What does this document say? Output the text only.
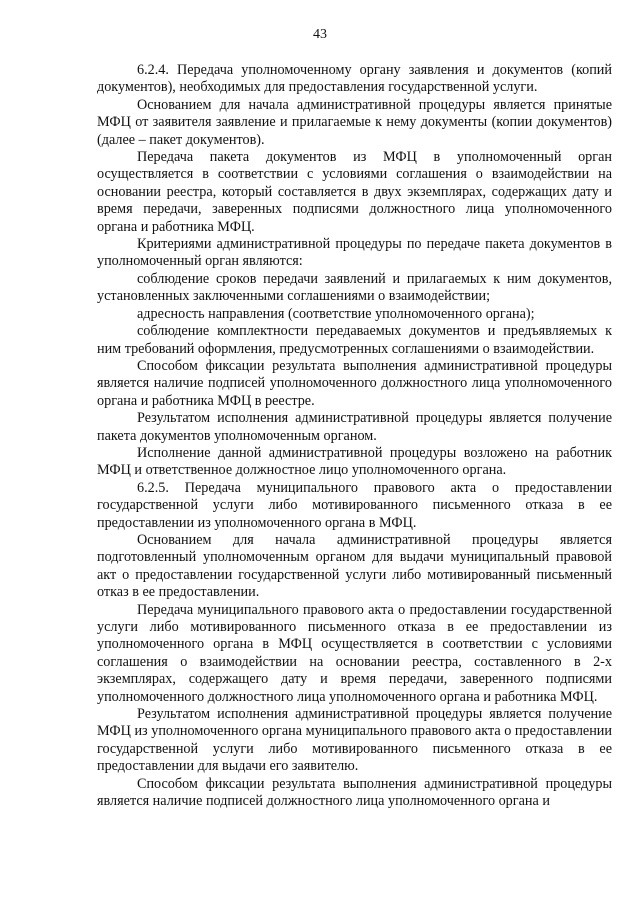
43

6.2.4. Передача уполномоченному органу заявления и документов (копий документов), необходимых для предоставления государственной услуги.

Основанием для начала административной процедуры является принятые МФЦ от заявителя заявление и прилагаемые к нему документы (копии документов) (далее – пакет документов).

Передача пакета документов из МФЦ в уполномоченный орган осуществляется в соответствии с условиями соглашения о взаимодействии на основании реестра, который составляется в двух экземплярах, содержащих дату и время передачи, заверенных подписями должностного лица уполномоченного органа и работника МФЦ.

Критериями административной процедуры по передаче пакета документов в уполномоченный орган являются:

соблюдение сроков передачи заявлений и прилагаемых к ним документов, установленных заключенными соглашениями о взаимодействии;

адресность направления (соответствие уполномоченного органа);

соблюдение комплектности передаваемых документов и предъявляемых к ним требований оформления, предусмотренных соглашениями о взаимодействии.

Способом фиксации результата выполнения административной процедуры является наличие подписей уполномоченного должностного лица уполномоченного органа и работника МФЦ в реестре.

Результатом исполнения административной процедуры является получение пакета документов уполномоченным органом.

Исполнение данной административной процедуры возложено на работник МФЦ и ответственное должностное лицо уполномоченного органа.

6.2.5. Передача муниципального правового акта о предоставлении государственной услуги либо мотивированного письменного отказа в ее предоставлении из уполномоченного органа в МФЦ.

Основанием для начала административной процедуры является подготовленный уполномоченным органом для выдачи муниципальный правовой акт о предоставлении государственной услуги либо мотивированный письменный отказ в ее предоставлении.

Передача муниципального правового акта о предоставлении государственной услуги либо мотивированного письменного отказа в ее предоставлении из уполномоченного органа в МФЦ осуществляется в соответствии с условиями соглашения о взаимодействии на основании реестра, составленного в 2-х экземплярах, содержащего дату и время передачи, заверенного подписями уполномоченного должностного лица уполномоченного органа и работника МФЦ.

Результатом исполнения административной процедуры является получение МФЦ из уполномоченного органа муниципального правового акта о предоставлении государственной услуги либо мотивированного письменного отказа в ее предоставлении для выдачи его заявителю.

Способом фиксации результата выполнения административной процедуры является наличие подписей должностного лица уполномоченного органа и
